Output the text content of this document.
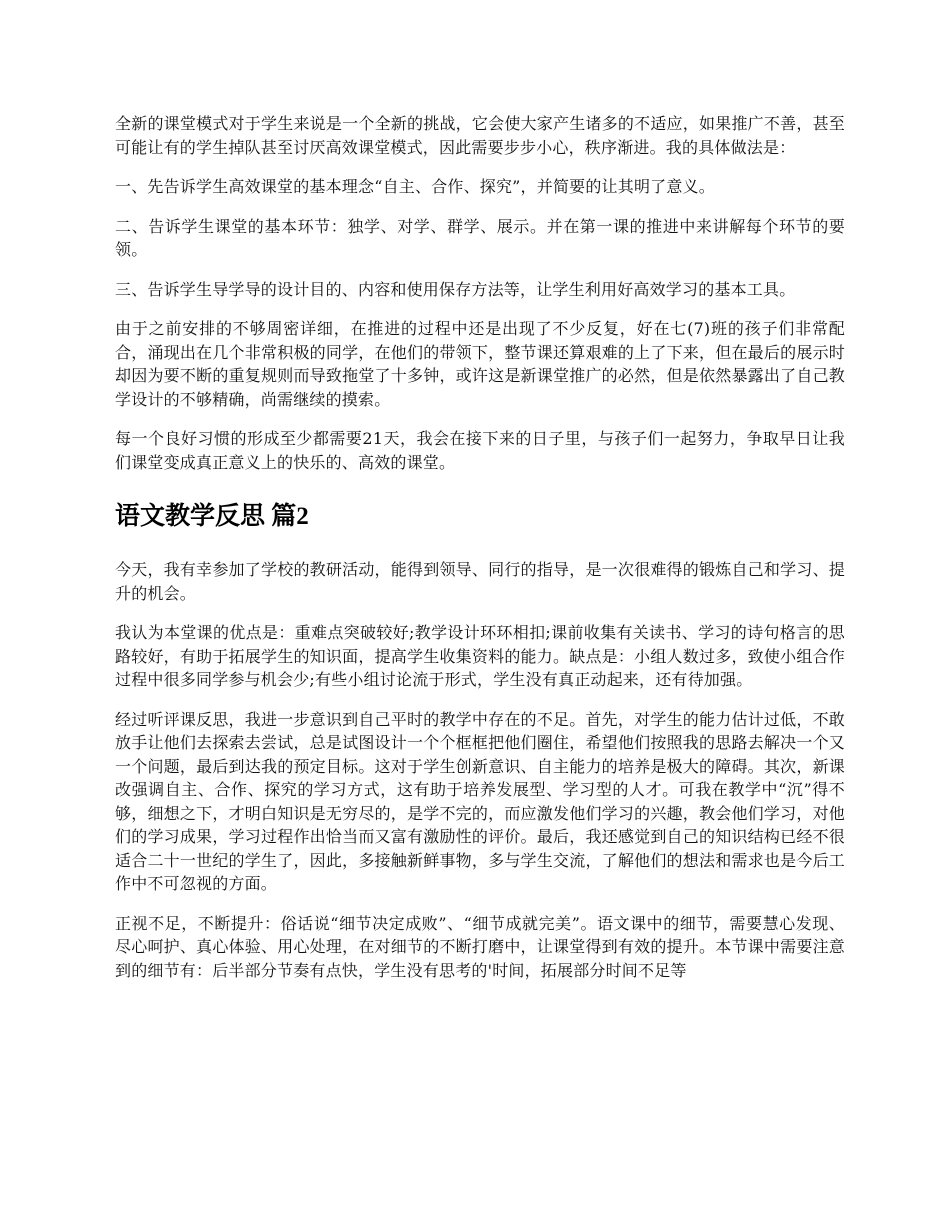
全新的课堂模式对于学生来说是一个全新的挑战，它会使大家产生诸多的不适应，如果推广不善，甚至可能让有的学生掉队甚至讨厌高效课堂模式，因此需要步步小心，秩序渐进。我的具体做法是：

一、先告诉学生高效课堂的基本理念“自主、合作、探究”，并简要的让其明了意义。

二、告诉学生课堂的基本环节：独学、对学、群学、展示。并在第一课的推进中来讲解每个环节的要领。

三、告诉学生导学导的设计目的、内容和使用保存方法等，让学生利用好高效学习的基本工具。

由于之前安排的不够周密详细，在推进的过程中还是出现了不少反复，好在七(7)班的孩子们非常配合，涌现出在几个非常积极的同学，在他们的带领下，整节课还算艰难的上了下来，但在最后的展示时却因为要不断的重复规则而导致拖堂了十多钟，或许这是新课堂推广的必然，但是依然暴露出了自己教学设计的不够精确，尚需继续的摸索。

每一个良好习惯的形成至少都需要21天，我会在接下来的日子里，与孩子们一起努力，争取早日让我们课堂变成真正意义上的快乐的、高效的课堂。

语文教学反思 篇2

今天，我有幸参加了学校的教研活动，能得到领导、同行的指导，是一次很难得的锻炼自己和学习、提升的机会。

我认为本堂课的优点是：重难点突破较好;教学设计环环相扣;课前收集有关读书、学习的诗句格言的思路较好，有助于拓展学生的知识面，提高学生收集资料的能力。缺点是：小组人数过多，致使小组合作过程中很多同学参与机会少;有些小组讨论流于形式，学生没有真正动起来，还有待加强。

经过听评课反思，我进一步意识到自己平时的教学中存在的不足。首先，对学生的能力估计过低，不敢放手让他们去探索去尝试，总是试图设计一个个框框把他们圈住，希望他们按照我的思路去解决一个又一个问题，最后到达我的预定目标。这对于学生创新意识、自主能力的培养是极大的障碍。其次，新课改强调自主、合作、探究的学习方式，这有助于培养发展型、学习型的人才。可我在教学中“沉”得不够，细想之下，才明白知识是无穷尽的，是学不完的，而应激发他们学习的兴趣，教会他们学习，对他们的学习成果，学习过程作出恰当而又富有激励性的评价。最后，我还感觉到自己的知识结构已经不很适合二十一世纪的学生了，因此，多接触新鲜事物，多与学生交流，了解他们的想法和需求也是今后工作中不可忽视的方面。

正视不足，不断提升：俗话说“细节决定成败”、“细节成就完美”。语文课中的细节，需要慧心发现、尽心呵护、真心体验、用心处理，在对细节的不断打磨中，让课堂得到有效的提升。本节课中需要注意到的细节有：后半部分节奏有点快，学生没有思考的'时间，拓展部分时间不足等
